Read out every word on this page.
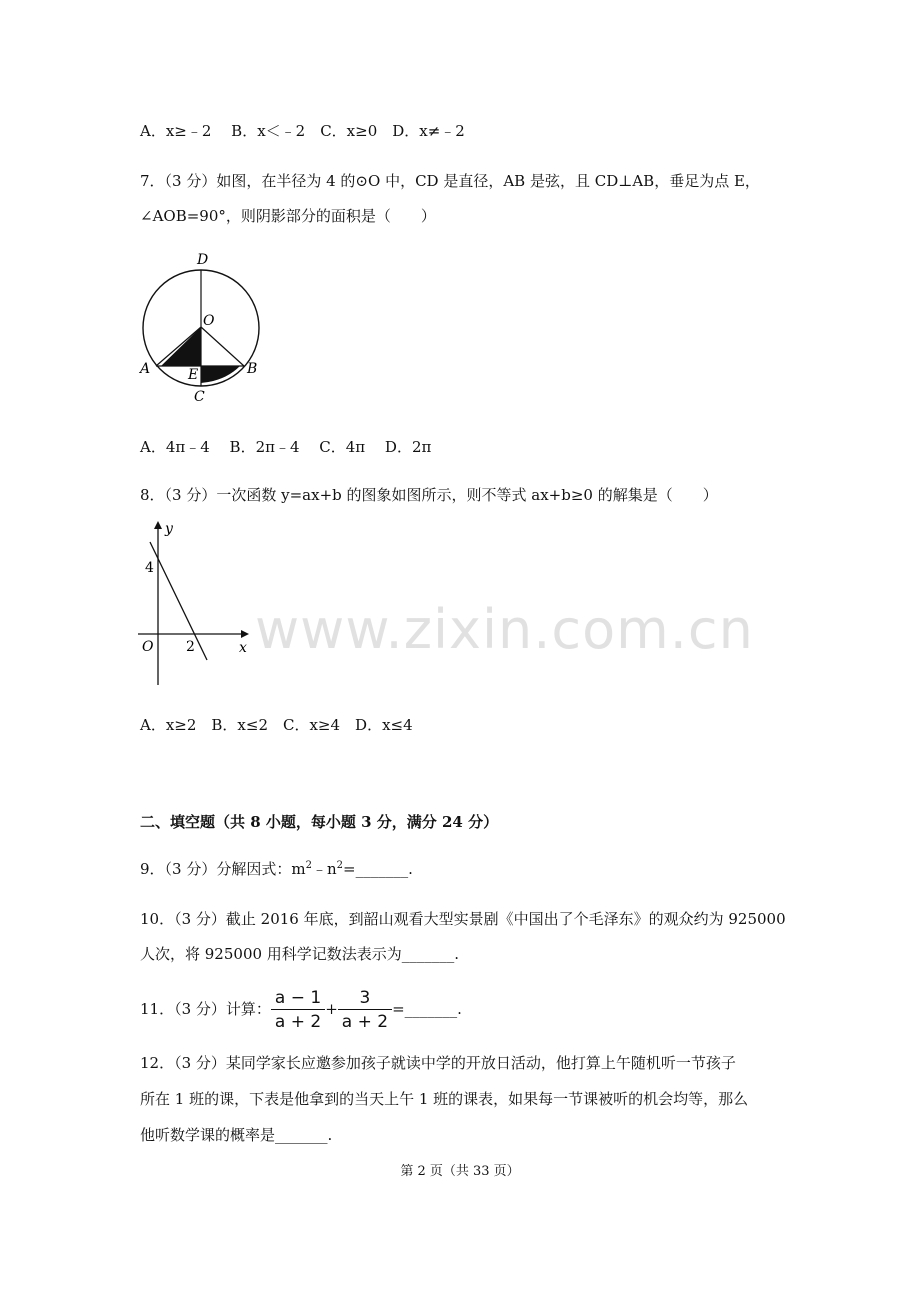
www.zixin.com.cn
A．x≥﹣2　 B．x＜﹣2　C．x≥0　D．x≠﹣2
7．（3 分）如图，在半径为 4 的⊙O 中，CD 是直径，AB 是弦，且 CD⊥AB，垂足为点 E，
∠AOB=90°，则阴影部分的面积是（　　）
D
O
A	B
E
C
A．4π﹣4　 B．2π﹣4　 C．4π　 D．2π
8．（3 分）一次函数 y=ax+b 的图象如图所示，则不等式 ax+b≥0 的解集是（　　）
y
x
O
4
2
A．x≥2　B．x≤2　C．x≥4　D．x≤4
二、填空题（共 8 小题，每小题 3 分，满分 24 分）
9．（3 分）分解因式：$m^2﹣n^2=\_\_\_\_\_\_\_$.
10．（3 分）截止 2016 年底，到韶山观看大型实景剧《中国出了个毛泽东》的观众约为 925000
人次，将 925000 用科学记数法表示为_______.
11．（3 分）计算： $\frac{a - 1}{a + 2} + \frac{3}{a + 2}$ =_______.
12．（3 分）某同学家长应邀参加孩子就读中学的开放日活动，他打算上午随机听一节孩子
所在 1 班的课，下表是他拿到的当天上午 1 班的课表，如果每一节课被听的机会均等，那么
他听数学课的概率是_______.
第 2 页（共 33 页）
